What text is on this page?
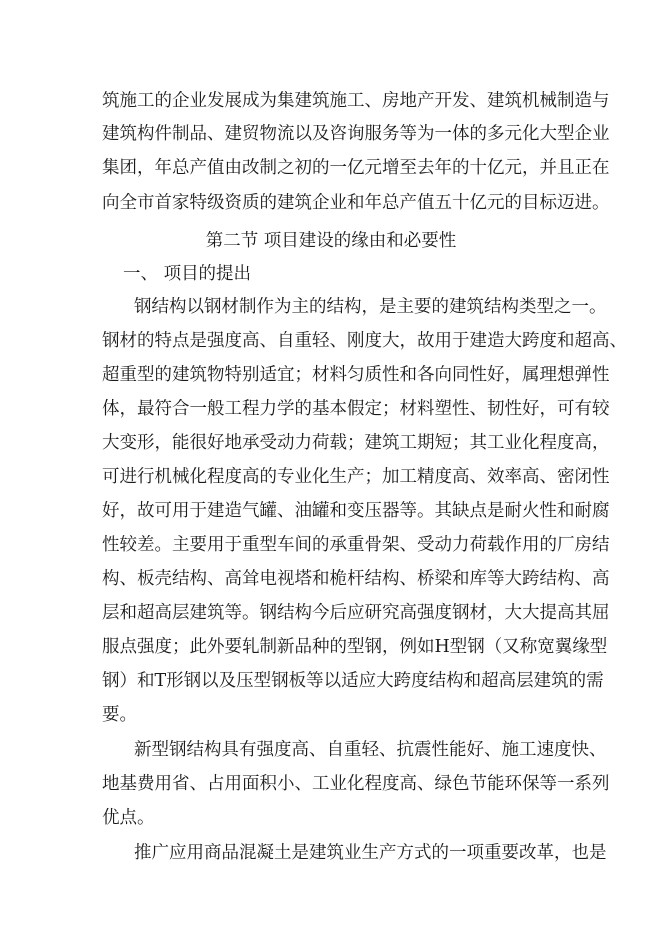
筑施工的企业发展成为集建筑施工、房地产开发、建筑机械制造与
建筑构件制品、建贸物流以及咨询服务等为一体的多元化大型企业
集团，年总产值由改制之初的一亿元增至去年的十亿元，并且正在
向全市首家特级资质的建筑企业和年总产值五十亿元的目标迈进。
第二节 项目建设的缘由和必要性
一、 项目的提出
钢结构以钢材制作为主的结构，是主要的建筑结构类型之一。
钢材的特点是强度高、自重轻、刚度大，故用于建造大跨度和超高、
超重型的建筑物特别适宜；材料匀质性和各向同性好，属理想弹性
体，最符合一般工程力学的基本假定；材料塑性、韧性好，可有较
大变形，能很好地承受动力荷载；建筑工期短；其工业化程度高，
可进行机械化程度高的专业化生产；加工精度高、效率高、密闭性
好，故可用于建造气罐、油罐和变压器等。其缺点是耐火性和耐腐
性较差。主要用于重型车间的承重骨架、受动力荷载作用的厂房结
构、板壳结构、高耸电视塔和桅杆结构、桥梁和库等大跨结构、高
层和超高层建筑等。钢结构今后应研究高强度钢材，大大提高其屈
服点强度；此外要轧制新品种的型钢，例如H型钢（又称宽翼缘型
钢）和T形钢以及压型钢板等以适应大跨度结构和超高层建筑的需
要。
新型钢结构具有强度高、自重轻、抗震性能好、施工速度快、
地基费用省、占用面积小、工业化程度高、绿色节能环保等一系列
优点。
推广应用商品混凝土是建筑业生产方式的一项重要改革，也是
